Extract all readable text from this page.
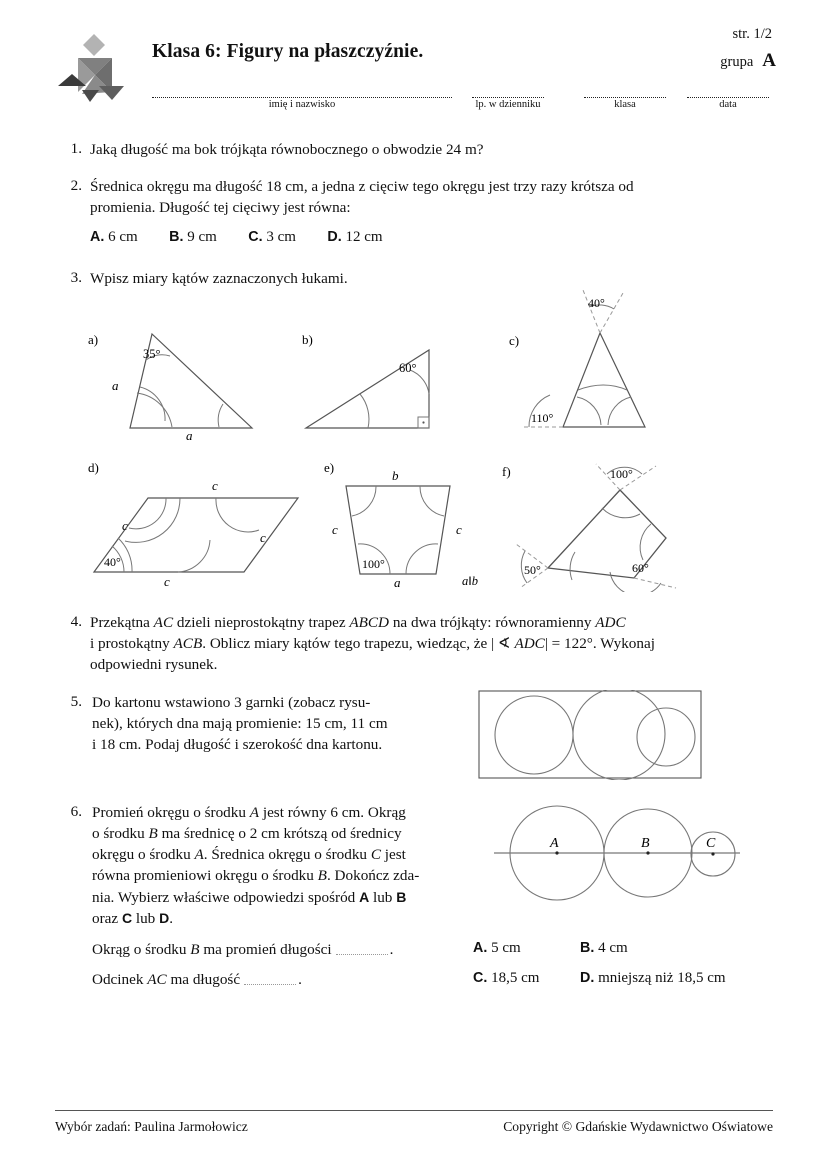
Klasa 6: Figury na płaszczyźnie.
str. 1/2
grupa A
imię i nazwisko	lp. w dzienniku	klasa	data
1. Jaką długość ma bok trójkąta równobocznego o obwodzie 24 m?
2. Średnica okręgu ma długość 18 cm, a jedna z cięciw tego okręgu jest trzy razy krótsza od
promienia. Długość tej cięciwy jest równa:
A. 6 cm B. 9 cm C. 3 cm D. 12 cm
3. Wpisz miary kątów zaznaczonych łukami.
a)
35°
a
a
b)
60°
c)
40°
110°
d)
40°
c
c
c
c
e)
b
c	c
100°
a	a‖b
f)	100°
50°	60°
4. Przekątna AC dzieli nieprostokątny trapez ABCD na dwa trójkąty: równoramienny ADC
i prostokątny ACB. Oblicz miary kątów tego trapezu, wiedząc, że | ∢ ADC| = 122°. Wykonaj
odpowiedni rysunek.
5. Do kartonu wstawiono 3 garnki (zobacz rysu-
nek), których dna mają promienie: 15 cm, 11 cm
i 18 cm. Podaj długość i szerokość dna kartonu.
6. Promień okręgu o środku A jest równy 6 cm. Okrąg
o środku B ma średnicę o 2 cm krótszą od średnicy
okręgu o środku A. Średnica okręgu o środku C jest
równa promieniowi okręgu o środku B. Dokończ zda-
nia. Wybierz właściwe odpowiedzi spośród A lub B
oraz C lub D.
A	B	C
Okrąg o środku B ma promień długości	.
Odcinek AC ma długość	.
A. 5 cm	B. 4 cm
C. 18,5 cm	D. mniejszą niż 18,5 cm
Wybór zadań: Paulina Jarmołowicz	Copyright © Gdańskie Wydawnictwo Oświatowe
